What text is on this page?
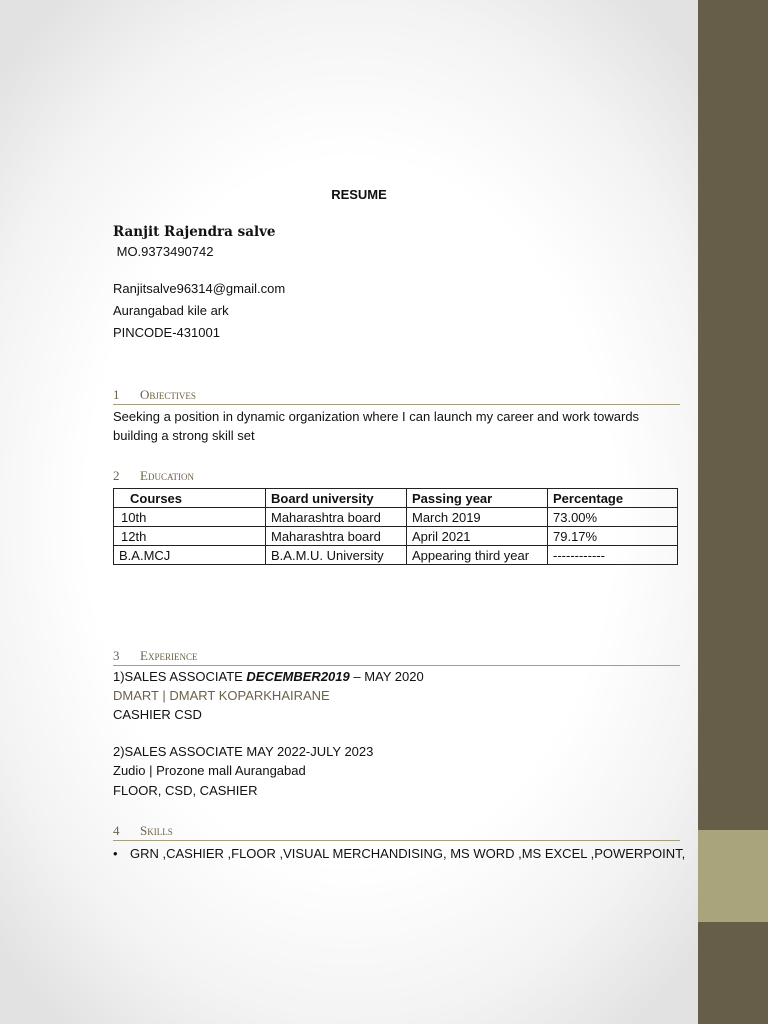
RESUME
Ranjit Rajendra salve
MO.9373490742
Ranjitsalve96314@gmail.com
Aurangabad kile ark
PINCODE-431001
1 Objectives
Seeking a position in dynamic organization where I can launch my career and work towards building a strong skill set
2 Education
Courses	Board university	Passing year	Percentage
10th	Maharashtra board	March 2019	73.00%
12th	Maharashtra board	April 2021	79.17%
B.A.MCJ	B.A.M.U. University	Appearing third year	------------
3 Experience
1)SALES ASSOCIATE DECEMBER2019 – MAY 2020
DMART | DMART KOPARKHAIRANE
CASHIER CSD
2)SALES ASSOCIATE MAY 2022-JULY 2023
Zudio | Prozone mall Aurangabad
FLOOR, CSD, CASHIER
4 Skills
• GRN ,CASHIER ,FLOOR ,VISUAL MERCHANDISING, MS WORD ,MS EXCEL ,POWERPOINT,
